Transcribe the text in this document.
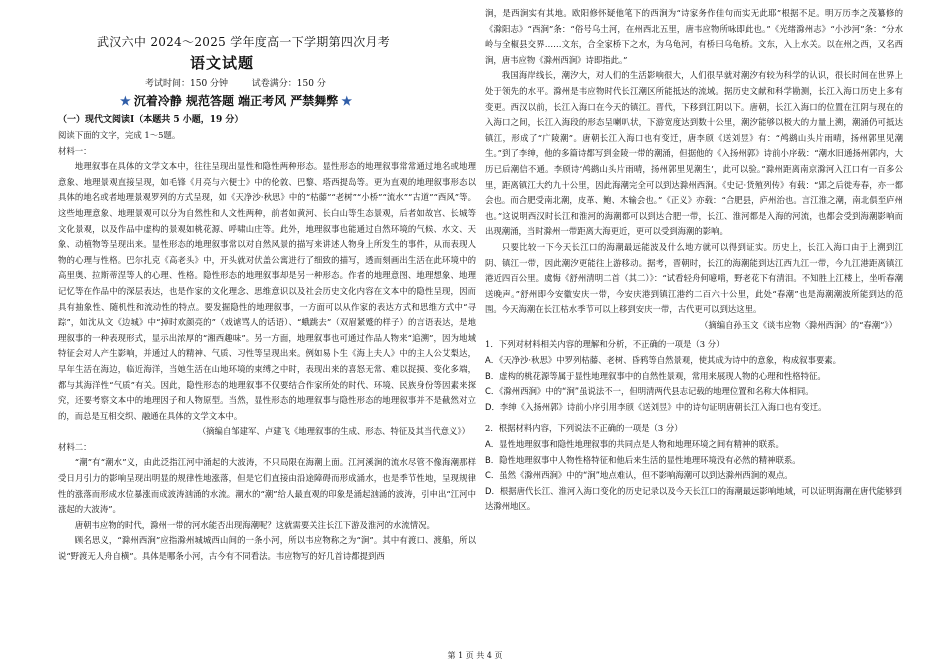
武汉六中 2024～2025 学年度高一下学期第四次月考
语文试题
考试时间：150 分钟	试卷满分：150 分
★ 沉着冷静 规范答题 端正考风 严禁舞弊 ★
（一）现代文阅读Ⅰ（本题共 5 小题，19 分）

阅读下面的文字，完成 1～5题。

材料一：

地理叙事在具体的文学文本中，往往呈现出显性和隐性两种形态。显性形态的地理叙事常常通过地名或地理意象、地理景观直接呈现，如毛锋《月亮与六便士》中的伦敦、巴黎、塔西提岛等。更为直观的地理叙事形态以具体的地名或者地理景观罗列的方式呈现，如《天净沙·秋思》中的“枯藤”“老树”“小桥”“流水”“古道”“西风”等。这些地理意象、地理景观可以分为自然性和人文性两种，前者如黄河、长白山等生态景观，后者如故宫、长城等文化景观，以及作品中虚构的景观如桃花源、呼啸山庄等。此外，地理叙事也能通过自然环境的气候、水文、天象、动植物等呈现出来。显性形态的地理叙事常以对自然风景的描写来讲述人物身上所发生的事件，从而表现人物的心理与性格。巴尔扎克《高老头》中，开头就对伏盖公寓进行了细致的描写，透而刻画出生活在此环境中的高里奥、拉斯蒂涅等人的心理、性格。隐性形态的地理叙事却是另一种形态。作者的地理意图、地理想象、地理记忆等在作品中的深层表达，也是作家的文化理念、思维意识以及社会历史文化内容在文本中的隐性呈现，因而具有抽象性、随机性和流动性的特点。要发掘隐性的地理叙事，一方面可以从作家的表达方式和思维方式中“寻踪”，如沈从文《边城》中“掉时欢颜亮的”（戏谑骂人的话语）、“蛾跳去”（双眉紧蹙的样子）的言语表达，是地理叙事的一种表现形式，显示出浓厚的“湘西趣味”。另一方面，地理叙事也可通过作品人物来“追溯”，因为地域特征会对人产生影响，并通过人的精神、气质、习性等呈现出来。例如易卜生《海上夫人》中的主人公艾梨达，早年生活在海边，临近海洋，当她生活在山地环境的束缚之中时，表现出来的喜怒无常、难以捉摸、变化多端，都与其海洋性“气质”有关。因此，隐性形态的地理叙事不仅要结合作家所处的时代、环境、民族身份等因素来探究，还要考察文本中的地理因子和人物原型。当然，显性形态的地理叙事与隐性形态的地理叙事并不是截然对立的，而总是互相交织、融通在具体的文学文本中。

（摘编自邹建军、卢建飞《地理叙事的生成、形态、特征及其当代意义》）

材料二：

“潮”有“潮水”义，由此泛指江河中涌起的大波涛，不只局限在海潮上面。江河溪涧的流水尽管不像海潮那样受日月引力的影响呈现出明显的规律性地涨落，但是它们直接由沿途障碍而形成涌水，也是季节性地，呈现规律性的涨落而形成水位暴涨而成波涛汹涌的水流。潮水的“潮”给人最直观的印象是涌起汹涌的波涛，引申出“江河中涨起的大波涛”。

唐朝韦应物的时代，滁州一带的河水能否出现海潮呢？这就需要关注长江下游及淮河的水流情况。

顾名思义，“滁州西涧”应指滁州城城西山间的一条小河，所以韦应物称之为“涧”。其中有渡口、渡船，所以说“野渡无人舟自横”。具体是哪条小河，古今有不同看法。韦应物写的好几首诗都提到西

涧，是西涧实有其地。欧阳修怀疑他笔下的西涧为“诗家务作佳句而实无此耶”根据不足。明万历李之茂纂修的《滁阳志》“西涧”条：“俗号乌土河，在州西北五里，唐韦应物所咏即此也。”《光绪滁州志》“小沙河”条：“分水岭与全椒县交界……文东，合全家桥下之水，为乌龟河，有桥曰乌龟桥。文东，入上水关。以在州之西，又名西涧，唐韦应物《滁州西涧》诗即指此。”

我国海岸线长，潮汐大，对人们的生活影响很大，人们很早就对潮汐有较为科学的认识，很长时间在世界上处于领先的水平。滁州是韦应物时代长江潮区所能抵达的流域。据历史文献和科学勘测，长江入海口历史上多有变更。西汉以前，长江入海口在今天的镇江。晋代，下移到江阴以下。唐朝，长江入海口的位置在江阴与现在的入海口之间，长江入海段的形态呈喇叭状，下游宽度达到数十公里，潮汐能够以极大的力量上溯，潮涌仍可抵达镇江，形成了“广陵潮”。唐朝长江入海口也有变迁，唐李颀《送刘昱》有：“鸬鹚山头片雨晴，扬州郭里见潮生。”到了李绅，他的多篇诗都写到金陵一带的潮涌，但据他的《入扬州郭》诗前小序载：“潮水旧通扬州郭内，大历已后潮信不通。李颀诗‘鸬鹚山头片雨晴，扬州郭里见潮生’，此可以验。”滁州距离南京滁河入江口有一百多公里，距离镇江大约九十公里，因此海潮完全可以到达滁州西涧。《史记·货殖列传》有载：“郢之后徙寿春，亦一都会也。而合肥受南北潮，皮革、鲍、木输会也。”《正义》亦载：“合肥县，庐州治也。言江淮之潮，南北俱至庐州也。”这说明西汉时长江和淮河的海潮都可以到达合肥一带，长江、淮河都是入海的河流，也都会受到海潮影响而出现潮涌，当时滁州一带距离大海更近，更可以受到海潮的影响。

只要比较一下今天长江口的海潮最远能波及什么地方就可以得到证实。历史上，长江入海口由于上溯到江阴、镇江一带，因此潮汐更能往上游移动。据考，晋朝时，长江的海潮能到达江西九江一带，今九江港距离镇江港近四百公里。虞悔《舒州清明二首（其二）》：“试看轻舟何噫啃，野老花下有清泪。不知胜上江楼上，坐听春潮送晚声。”舒州即今安徽安庆一带，今安庆港到镇江港约二百六十公里，此处“春潮”也是海潮潮波所能到达的范围。今天海潮在长江枯水季节可以上移到安庆一带，古代更可以到达这里。

（摘编自孙玉文《谈韦应物〈滁州西涧〉的“春潮”》）

1．下列对材料相关内容的理解和分析，不正确的一项是（3 分）

A．《天净沙·秋思》中罗列枯藤、老树、昏鸦等自然景观，使其成为诗中的意象，构成叙事要素。

B．虚构的桃花源等属于显性地理叙事中的自然性景观，常用来展现人物的心理和性格特征。

C．《滁州西涧》中的“涧”虽说法不一，但明清两代县志记载的地理位置和名称大体相同。

D．李绅《入扬州郭》诗前小序引用李颀《送刘昱》中的诗句证明唐朝长江入海口也有变迁。

2．根据材料内容，下列说法不正确的一项是（3 分）

A．显性地理叙事和隐性地理叙事的共同点是人物和地理环境之间有精神的联系。

B．隐性地理叙事中人物性格特征和他后来生活的显性地理环境没有必然的精神联系。

C．虽然《滁州西涧》中的“涧”地点难认，但不影响海潮可以到达滁州西涧的观点。

D．根据唐代长江、淮河入海口变化的历史记录以及今天长江口的海潮最远影响地域，可以证明海潮在唐代能够到达滁州地区。

第 1 页 共 4 页
